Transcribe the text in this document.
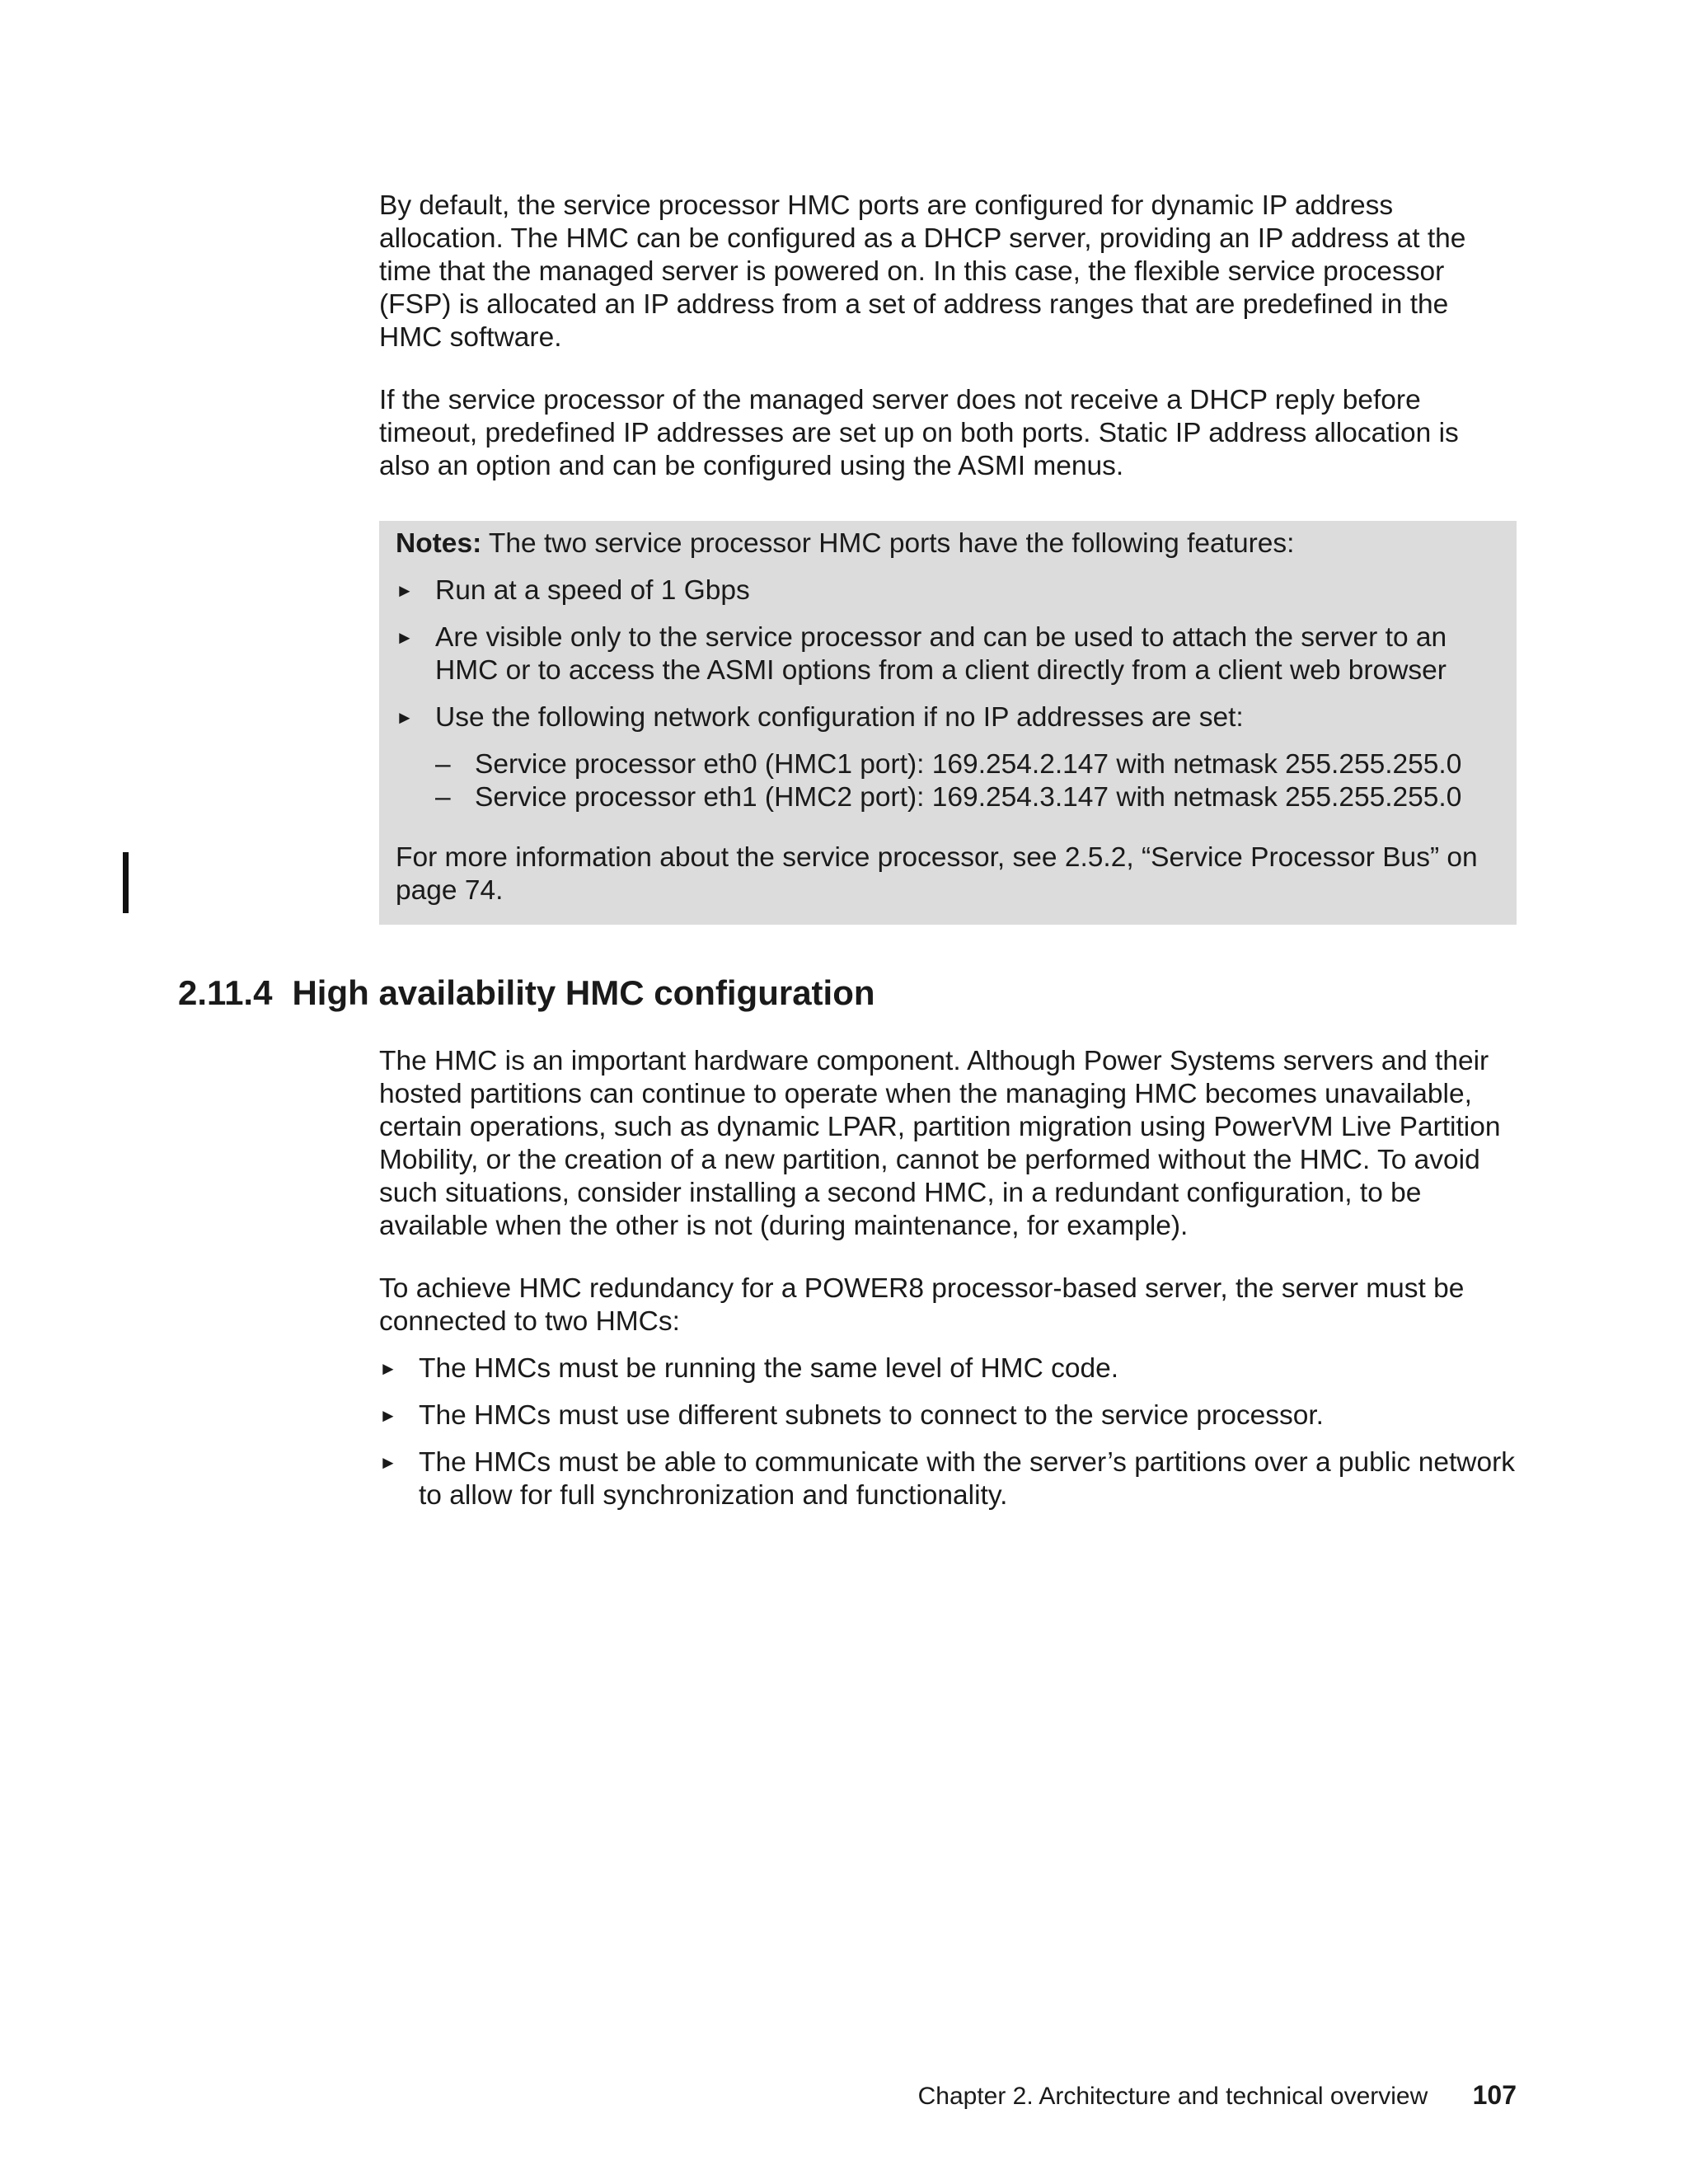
By default, the service processor HMC ports are configured for dynamic IP address allocation. The HMC can be configured as a DHCP server, providing an IP address at the time that the managed server is powered on. In this case, the flexible service processor (FSP) is allocated an IP address from a set of address ranges that are predefined in the HMC software.

If the service processor of the managed server does not receive a DHCP reply before timeout, predefined IP addresses are set up on both ports. Static IP address allocation is also an option and can be configured using the ASMI menus.

Notes: The two service processor HMC ports have the following features:

► Run at a speed of 1 Gbps
► Are visible only to the service processor and can be used to attach the server to an HMC or to access the ASMI options from a client directly from a client web browser
► Use the following network configuration if no IP addresses are set:
– Service processor eth0 (HMC1 port): 169.254.2.147 with netmask 255.255.255.0
– Service processor eth1 (HMC2 port): 169.254.3.147 with netmask 255.255.255.0

For more information about the service processor, see 2.5.2, “Service Processor Bus” on page 74.

2.11.4 High availability HMC configuration

The HMC is an important hardware component. Although Power Systems servers and their hosted partitions can continue to operate when the managing HMC becomes unavailable, certain operations, such as dynamic LPAR, partition migration using PowerVM Live Partition Mobility, or the creation of a new partition, cannot be performed without the HMC. To avoid such situations, consider installing a second HMC, in a redundant configuration, to be available when the other is not (during maintenance, for example).

To achieve HMC redundancy for a POWER8 processor-based server, the server must be connected to two HMCs:

► The HMCs must be running the same level of HMC code.
► The HMCs must use different subnets to connect to the service processor.
► The HMCs must be able to communicate with the server’s partitions over a public network to allow for full synchronization and functionality.
Chapter 2. Architecture and technical overview 107
